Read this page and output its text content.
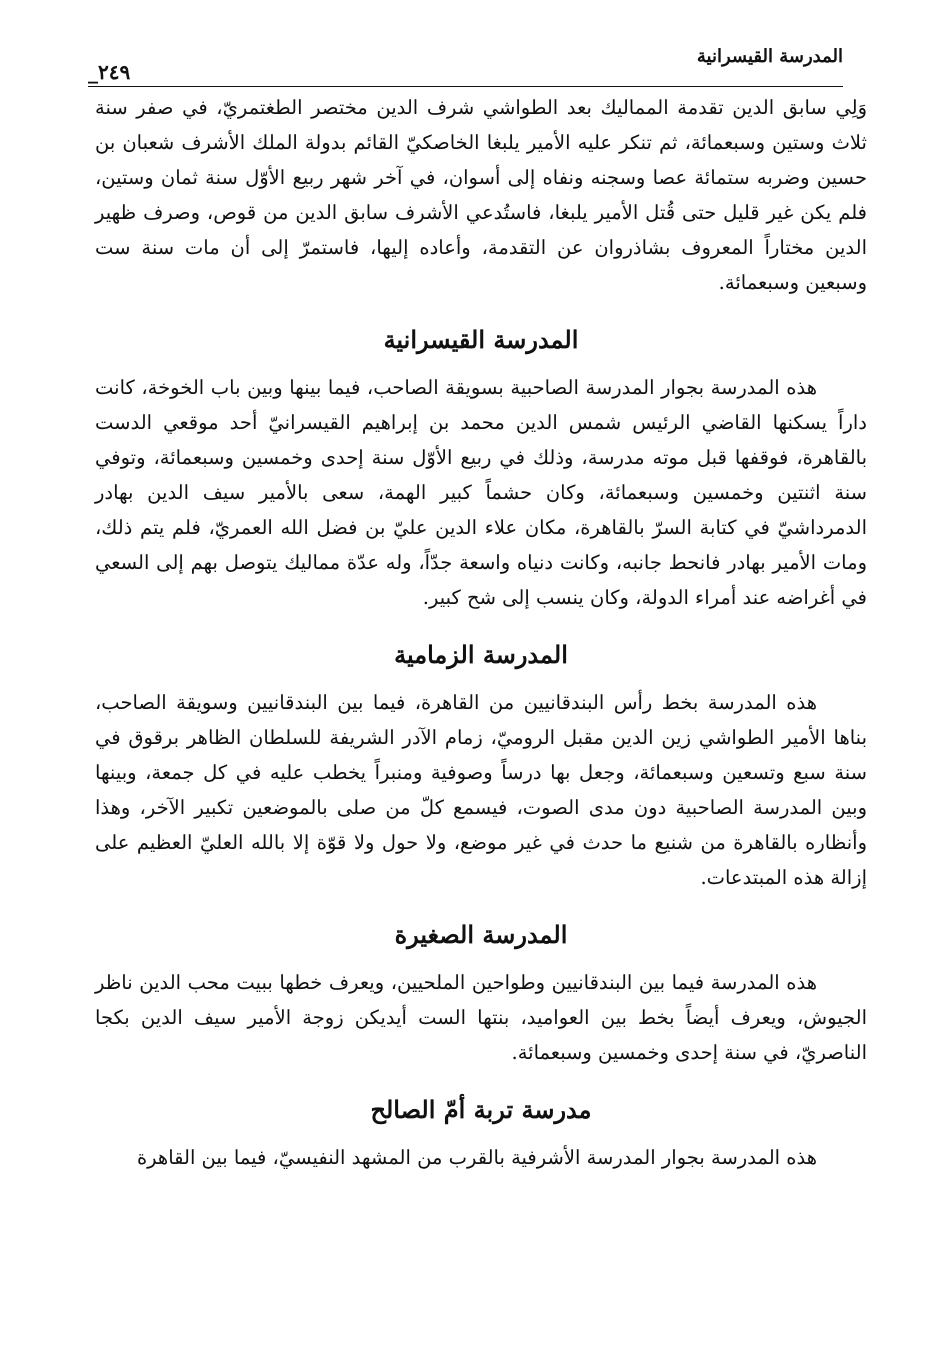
المدرسة القيسرانية
_٢٤٩

وَلِي سابق الدين تقدمة المماليك بعد الطواشي شرف الدين مختصر الطغتمريّ، في صفر سنة ثلاث وستين وسبعمائة، ثم تنكر عليه الأمير يلبغا الخاصكيّ القائم بدولة الملك الأشرف شعبان بن حسين وضربه ستمائة عصا وسجنه ونفاه إلى أسوان، في آخر شهر ربيع الأوّل سنة ثمان وستين، فلم يكن غير قليل حتى قُتل الأمير يلبغا، فاستُدعي الأشرف سابق الدين من قوص، وصرف ظهير الدين مختاراً المعروف بشاذروان عن التقدمة، وأعاده إليها، فاستمرّ إلى أن مات سنة ست وسبعين وسبعمائة.

المدرسة القيسرانية

هذه المدرسة بجوار المدرسة الصاحبية بسويقة الصاحب، فيما بينها وبين باب الخوخة، كانت داراً يسكنها القاضي الرئيس شمس الدين محمد بن إبراهيم القيسرانيّ أحد موقعي الدست بالقاهرة، فوقفها قبل موته مدرسة، وذلك في ربيع الأوّل سنة إحدى وخمسين وسبعمائة، وتوفي سنة اثنتين وخمسين وسبعمائة، وكان حشماً كبير الهمة، سعى بالأمير سيف الدين بهادر الدمرداشيّ في كتابة السرّ بالقاهرة، مكان علاء الدين عليّ بن فضل الله العمريّ، فلم يتم ذلك، ومات الأمير بهادر فانحط جانبه، وكانت دنياه واسعة جدّاً، وله عدّة مماليك يتوصل بهم إلى السعي في أغراضه عند أمراء الدولة، وكان ينسب إلى شح كبير.

المدرسة الزمامية

هذه المدرسة بخط رأس البندقانيين من القاهرة، فيما بين البندقانيين وسويقة الصاحب، بناها الأمير الطواشي زين الدين مقبل الروميّ، زمام الآدر الشريفة للسلطان الظاهر برقوق في سنة سبع وتسعين وسبعمائة، وجعل بها درساً وصوفية ومنبراً يخطب عليه في كل جمعة، وبينها وبين المدرسة الصاحبية دون مدى الصوت، فيسمع كلّ من صلى بالموضعين تكبير الآخر، وهذا وأنظاره بالقاهرة من شنيع ما حدث في غير موضع، ولا حول ولا قوّة إلا بالله العليّ العظيم على إزالة هذه المبتدعات.

المدرسة الصغيرة

هذه المدرسة فيما بين البندقانيين وطواحين الملحيين، ويعرف خطها ببيت محب الدين ناظر الجيوش، ويعرف أيضاً بخط بين العواميد، بنتها الست أيديكن زوجة الأمير سيف الدين بكجا الناصريّ، في سنة إحدى وخمسين وسبعمائة.

مدرسة تربة أمّ الصالح

هذه المدرسة بجوار المدرسة الأشرفية بالقرب من المشهد النفيسيّ، فيما بين القاهرة
